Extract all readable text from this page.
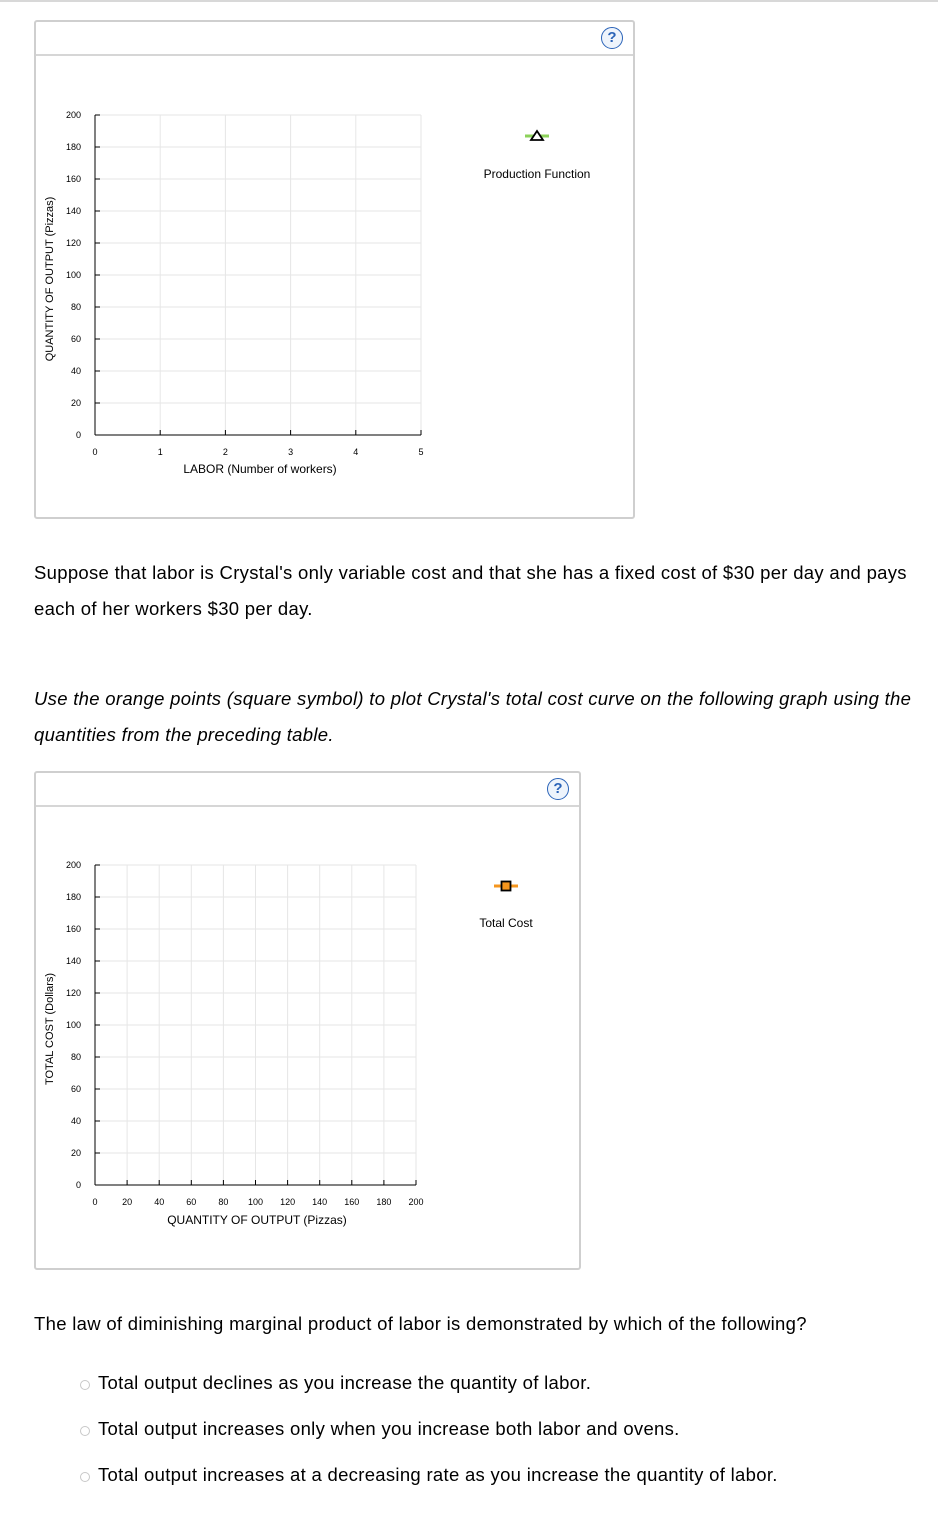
?
0
20
40
60
80
100
120
140
160
180
200
0	1	2	3	4	5
LABOR (Number of workers)
QUANTITY OF OUTPUT (Pizzas)
Production Function
Suppose that labor is Crystal's only variable cost and that she has a fixed cost of $30 per day and pays each of her workers $30 per day.
Use the orange points (square symbol) to plot Crystal's total cost curve on the following graph using the quantities from the preceding table.
?
0
20
40
60
80
100
120
140
160
180
200
0	20 40 60 80 100 120 140 160 180 200
QUANTITY OF OUTPUT (Pizzas)
TOTAL COST (Dollars)
Total Cost
The law of diminishing marginal product of labor is demonstrated by which of the following?
Total output declines as you increase the quantity of labor.
Total output increases only when you increase both labor and ovens.
Total output increases at a decreasing rate as you increase the quantity of labor.
